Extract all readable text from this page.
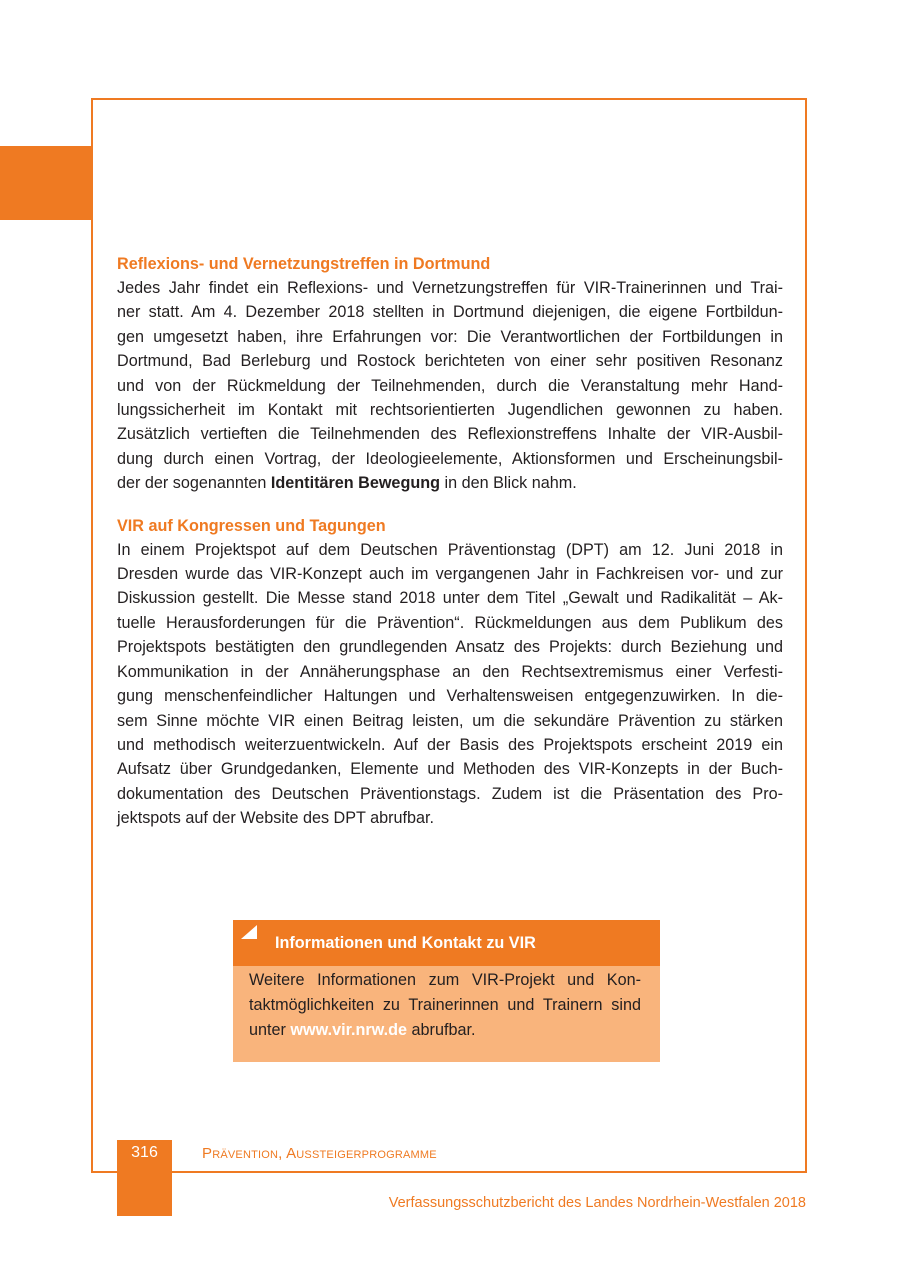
Reflexions- und Vernetzungstreffen in Dortmund
Jedes Jahr findet ein Reflexions- und Vernetzungstreffen für VIR-Trainerinnen und Trai-
ner statt. Am 4. Dezember 2018 stellten in Dortmund diejenigen, die eigene Fortbildun-
gen umgesetzt haben, ihre Erfahrungen vor: Die Verantwortlichen der Fortbildungen in
Dortmund, Bad Berleburg und Rostock berichteten von einer sehr positiven Resonanz
und von der Rückmeldung der Teilnehmenden, durch die Veranstaltung mehr Hand-
lungssicherheit im Kontakt mit rechtsorientierten Jugendlichen gewonnen zu haben.
Zusätzlich vertieften die Teilnehmenden des Reflexionstreffens Inhalte der VIR-Ausbil-
dung durch einen Vortrag, der Ideologieelemente, Aktionsformen und Erscheinungsbil-
der der sogenannten Identitären Bewegung in den Blick nahm.
VIR auf Kongressen und Tagungen
In einem Projektspot auf dem Deutschen Präventionstag (DPT) am 12. Juni 2018 in
Dresden wurde das VIR-Konzept auch im vergangenen Jahr in Fachkreisen vor- und zur
Diskussion gestellt. Die Messe stand 2018 unter dem Titel „Gewalt und Radikalität – Ak-
tuelle Herausforderungen für die Prävention“. Rückmeldungen aus dem Publikum des
Projektspots bestätigten den grundlegenden Ansatz des Projekts: durch Beziehung und
Kommunikation in der Annäherungsphase an den Rechtsextremismus einer Verfesti-
gung menschenfeindlicher Haltungen und Verhaltensweisen entgegenzuwirken. In die-
sem Sinne möchte VIR einen Beitrag leisten, um die sekundäre Prävention zu stärken
und methodisch weiterzuentwickeln. Auf der Basis des Projektspots erscheint 2019 ein
Aufsatz über Grundgedanken, Elemente und Methoden des VIR-Konzepts in der Buch-
dokumentation des Deutschen Präventionstags. Zudem ist die Präsentation des Pro-
jektspots auf der Website des DPT abrufbar.
Informationen und Kontakt zu VIR
Weitere Informationen zum VIR-Projekt und Kon-
taktmöglichkeiten zu Trainerinnen und Trainern sind
unter www.vir.nrw.de abrufbar.
316	Prävention, Aussteigerprogramme
Verfassungsschutzbericht des Landes Nordrhein-Westfalen 2018
